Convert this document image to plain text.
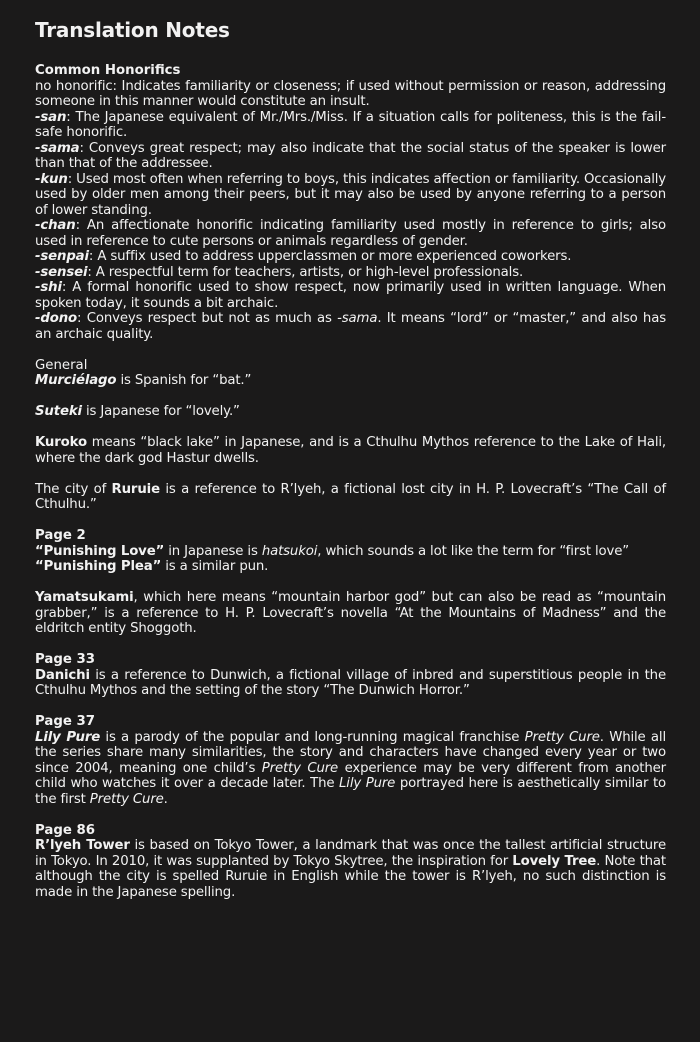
Translation Notes
Common Honorifics

no honorific: Indicates familiarity or closeness; if used without permission or reason, addressing someone in this manner would constitute an insult.

-san: The Japanese equivalent of Mr./Mrs./Miss. If a situation calls for politeness, this is the fail-safe honorific.

-sama: Conveys great respect; may also indicate that the social status of the speaker is lower than that of the addressee.

-kun: Used most often when referring to boys, this indicates affection or familiarity. Occasionally used by older men among their peers, but it may also be used by anyone referring to a person of lower standing.

-chan: An affectionate honorific indicating familiarity used mostly in reference to girls; also used in reference to cute persons or animals regardless of gender.

-senpai: A suffix used to address upperclassmen or more experienced coworkers.

-sensei: A respectful term for teachers, artists, or high-level professionals.

-shi: A formal honorific used to show respect, now primarily used in written language. When spoken today, it sounds a bit archaic.

-dono: Conveys respect but not as much as -sama. It means “lord” or “master,” and also has an archaic quality.

General

Murciélago is Spanish for “bat.”

Suteki is Japanese for “lovely.”

Kuroko means “black lake” in Japanese, and is a Cthulhu Mythos reference to the Lake of Hali, where the dark god Hastur dwells.

The city of Ruruie is a reference to R’lyeh, a fictional lost city in H. P. Lovecraft’s “The Call of Cthulhu.”

Page 2

“Punishing Love” in Japanese is hatsukoi, which sounds a lot like the term for “first love”

“Punishing Plea” is a similar pun.

Yamatsukami, which here means “mountain harbor god” but can also be read as “mountain grabber,” is a reference to H. P. Lovecraft’s novella “At the Mountains of Madness” and the eldritch entity Shoggoth.

Page 33

Danichi is a reference to Dunwich, a fictional village of inbred and superstitious people in the Cthulhu Mythos and the setting of the story “The Dunwich Horror.”

Page 37

Lily Pure is a parody of the popular and long-running magical franchise Pretty Cure. While all the series share many similarities, the story and characters have changed every year or two since 2004, meaning one child’s Pretty Cure experience may be very different from another child who watches it over a decade later. The Lily Pure portrayed here is aesthetically similar to the first Pretty Cure.

Page 86

R’lyeh Tower is based on Tokyo Tower, a landmark that was once the tallest artificial structure in Tokyo. In 2010, it was supplanted by Tokyo Skytree, the inspiration for Lovely Tree. Note that although the city is spelled Ruruie in English while the tower is R’lyeh, no such distinction is made in the Japanese spelling.
